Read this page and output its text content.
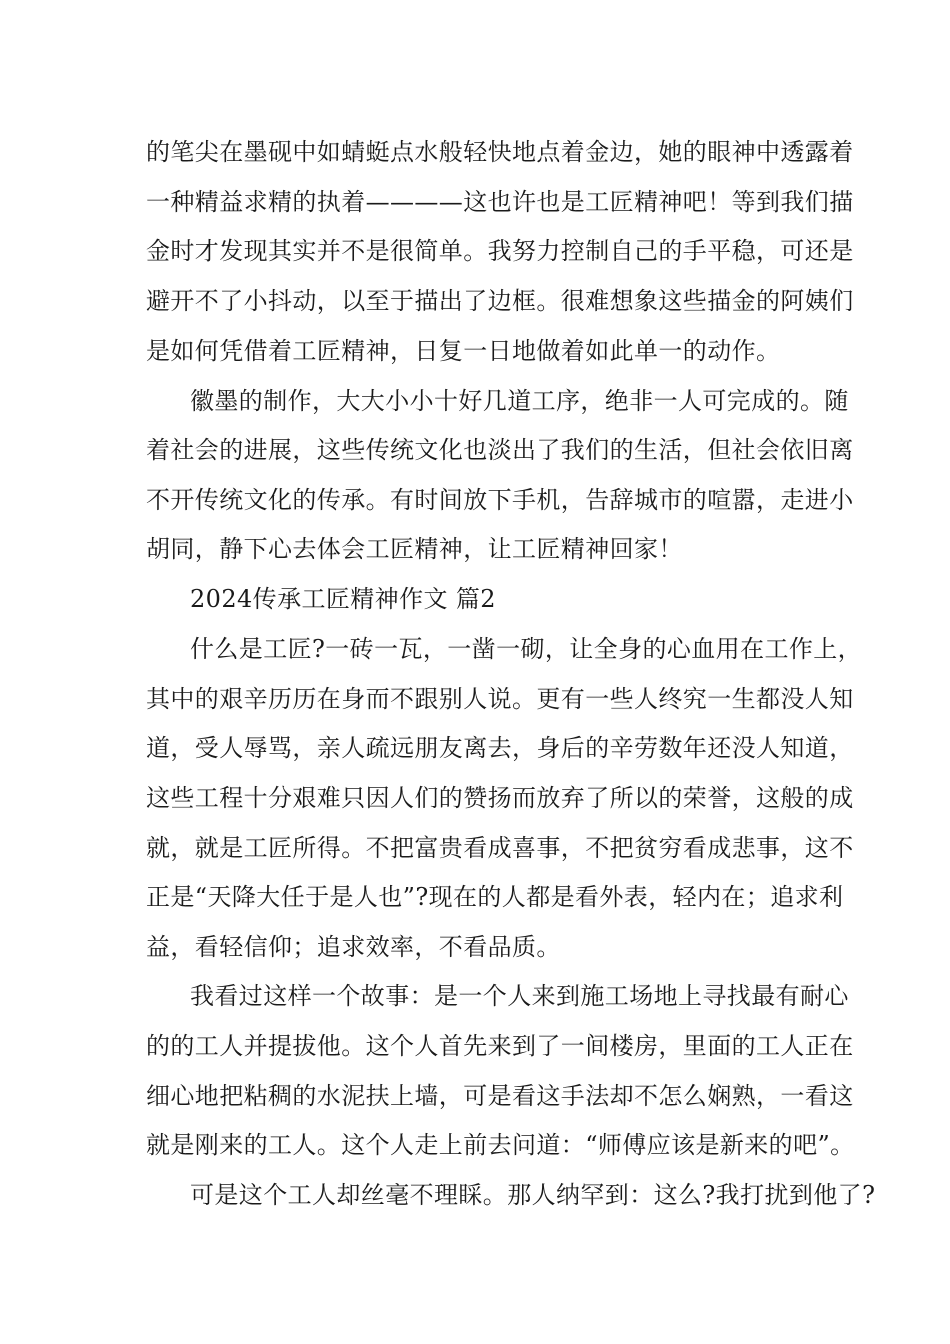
的笔尖在墨砚中如蜻蜓点水般轻快地点着金边，她的眼神中透露着
一种精益求精的执着————这也许也是工匠精神吧！等到我们描
金时才发现其实并不是很简单。我努力控制自己的手平稳，可还是
避开不了小抖动，以至于描出了边框。很难想象这些描金的阿姨们
是如何凭借着工匠精神，日复一日地做着如此单一的动作。
徽墨的制作，大大小小十好几道工序，绝非一人可完成的。随
着社会的进展，这些传统文化也淡出了我们的生活，但社会依旧离
不开传统文化的传承。有时间放下手机，告辞城市的喧嚣，走进小
胡同，静下心去体会工匠精神，让工匠精神回家！
2024传承工匠精神作文 篇2
什么是工匠?一砖一瓦，一凿一砌，让全身的心血用在工作上，
其中的艰辛历历在身而不跟别人说。更有一些人终究一生都没人知
道，受人辱骂，亲人疏远朋友离去，身后的辛劳数年还没人知道，
这些工程十分艰难只因人们的赞扬而放弃了所以的荣誉，这般的成
就，就是工匠所得。不把富贵看成喜事，不把贫穷看成悲事，这不
正是“天降大任于是人也”?现在的人都是看外表，轻内在；追求利
益，看轻信仰；追求效率，不看品质。
我看过这样一个故事：是一个人来到施工场地上寻找最有耐心
的的工人并提拔他。这个人首先来到了一间楼房，里面的工人正在
细心地把粘稠的水泥扶上墙，可是看这手法却不怎么娴熟，一看这
就是刚来的工人。这个人走上前去问道：“师傅应该是新来的吧”。
可是这个工人却丝毫不理睬。那人纳罕到：这么?我打扰到他了?
